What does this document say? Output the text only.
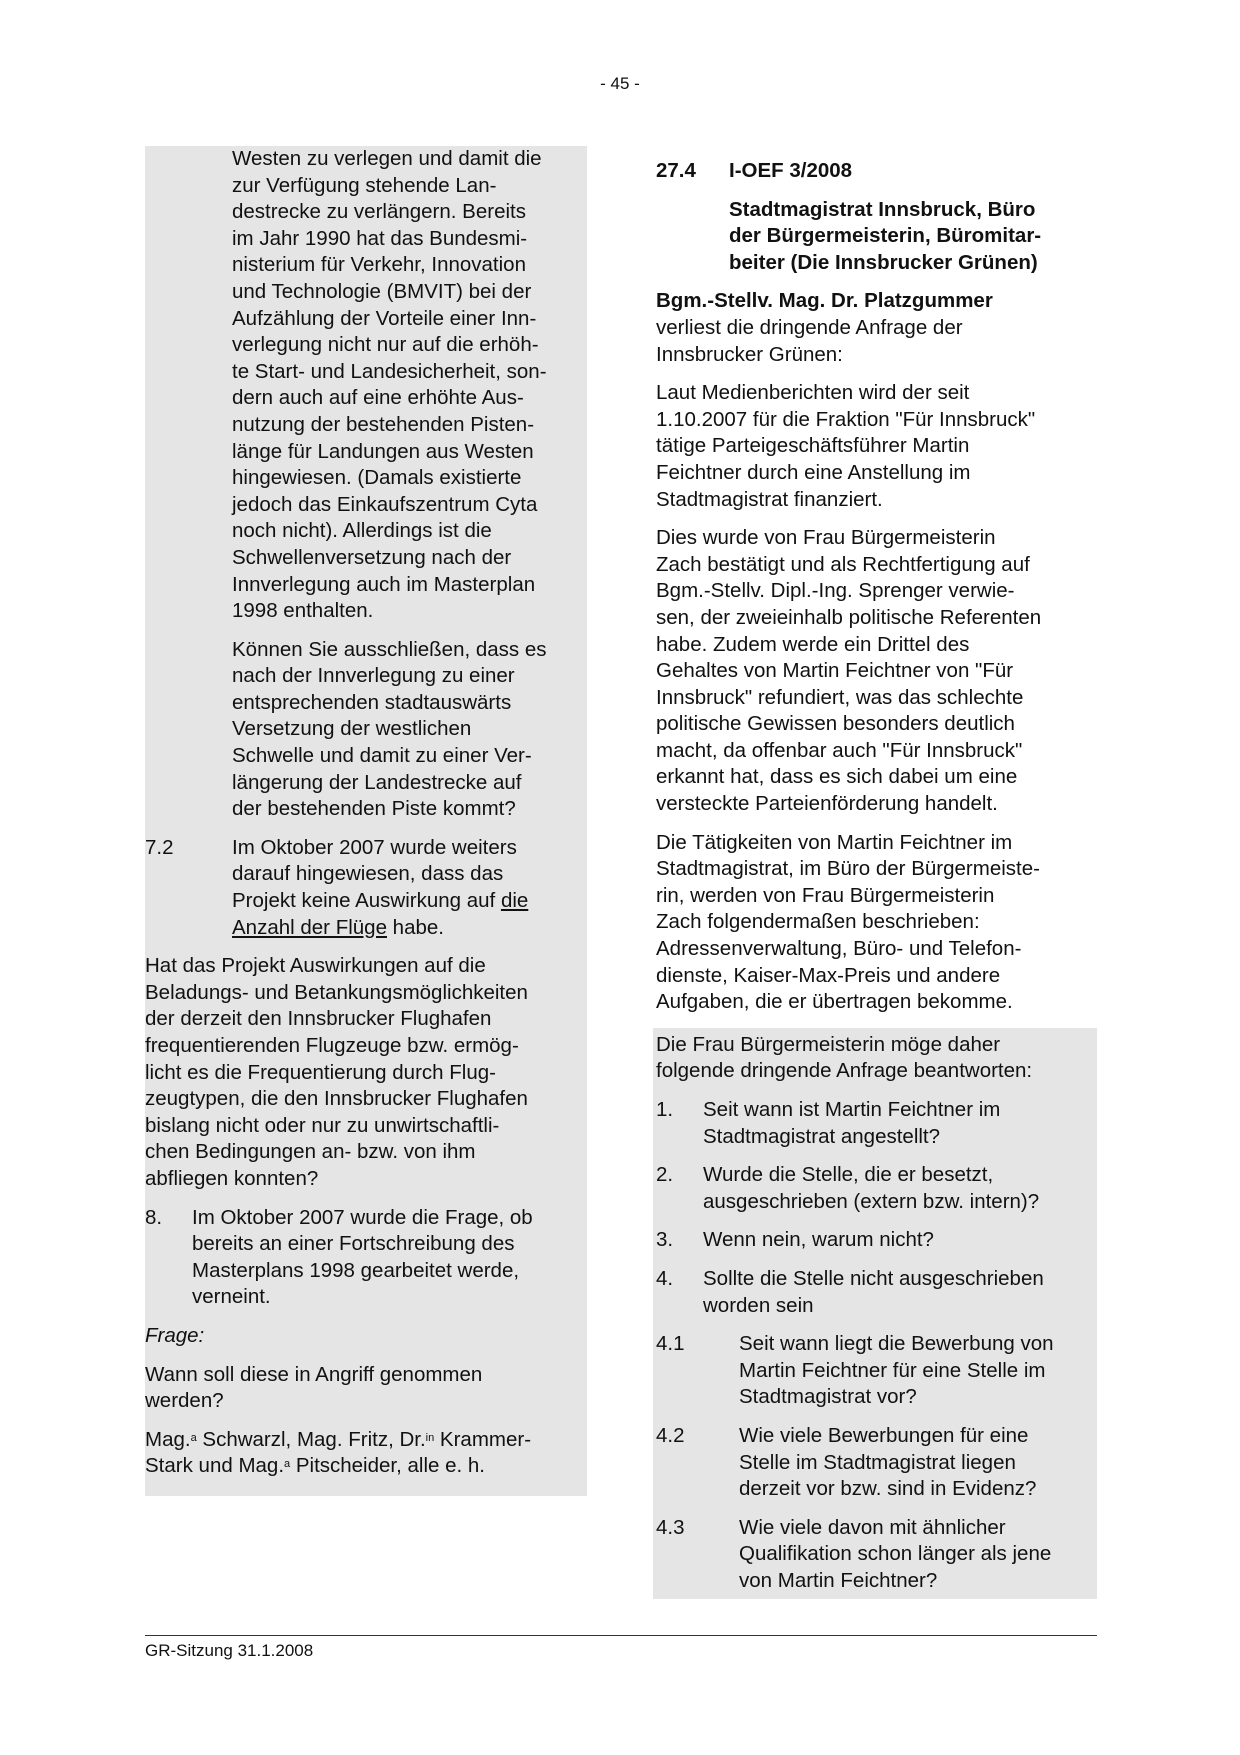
- 45 -
Westen zu verlegen und damit die
zur Verfügung stehende Lan-
destrecke zu verlängern. Bereits
im Jahr 1990 hat das Bundesmi-
nisterium für Verkehr, Innovation
und Technologie (BMVIT) bei der
Aufzählung der Vorteile einer Inn-
verlegung nicht nur auf die erhöh-
te Start- und Landesicherheit, son-
dern auch auf eine erhöhte Aus-
nutzung der bestehenden Pisten-
länge für Landungen aus Westen
hingewiesen. (Damals existierte
jedoch das Einkaufszentrum Cyta
noch nicht). Allerdings ist die
Schwellenversetzung nach der
Innverlegung auch im Masterplan
1998 enthalten.
Können Sie ausschließen, dass es
nach der Innverlegung zu einer
entsprechenden stadtauswärts
Versetzung der westlichen
Schwelle und damit zu einer Ver-
längerung der Landestrecke auf
der bestehenden Piste kommt?
7.2	Im Oktober 2007 wurde weiters
darauf hingewiesen, dass das
Projekt keine Auswirkung auf die
Anzahl der Flüge habe.
Hat das Projekt Auswirkungen auf die
Beladungs- und Betankungsmöglichkeiten
der derzeit den Innsbrucker Flughafen
frequentierenden Flugzeuge bzw. ermög-
licht es die Frequentierung durch Flug-
zeugtypen, die den Innsbrucker Flughafen
bislang nicht oder nur zu unwirtschaftli-
chen Bedingungen an- bzw. von ihm
abfliegen konnten?
8.	Im Oktober 2007 wurde die Frage, ob
bereits an einer Fortschreibung des
Masterplans 1998 gearbeitet werde,
verneint.
Frage:
Wann soll diese in Angriff genommen
werden?
Mag.$^a$ Schwarzl, Mag. Fritz, Dr.$^{in}$ Krammer-
Stark und Mag.$^a$ Pitscheider, alle e. h.
27.4	I-OEF 3/2008
Stadtmagistrat Innsbruck, Büro
der Bürgermeisterin, Büromitar-
beiter (Die Innsbrucker Grünen)
Bgm.-Stellv. Mag. Dr. Platzgummer
verliest die dringende Anfrage der
Innsbrucker Grünen:
Laut Medienberichten wird der seit
1.10.2007 für die Fraktion "Für Innsbruck"
tätige Parteigeschäftsführer Martin
Feichtner durch eine Anstellung im
Stadtmagistrat finanziert.
Dies wurde von Frau Bürgermeisterin
Zach bestätigt und als Rechtfertigung auf
Bgm.-Stellv. Dipl.-Ing. Sprenger verwie-
sen, der zweieinhalb politische Referenten
habe. Zudem werde ein Drittel des
Gehaltes von Martin Feichtner von "Für
Innsbruck" refundiert, was das schlechte
politische Gewissen besonders deutlich
macht, da offenbar auch "Für Innsbruck"
erkannt hat, dass es sich dabei um eine
versteckte Parteienförderung handelt.
Die Tätigkeiten von Martin Feichtner im
Stadtmagistrat, im Büro der Bürgermeiste-
rin, werden von Frau Bürgermeisterin
Zach folgendermaßen beschrieben:
Adressenverwaltung, Büro- und Telefon-
dienste, Kaiser-Max-Preis und andere
Aufgaben, die er übertragen bekomme.
Die Frau Bürgermeisterin möge daher
folgende dringende Anfrage beantworten:
1.	Seit wann ist Martin Feichtner im
Stadtmagistrat angestellt?
2.	Wurde die Stelle, die er besetzt,
ausgeschrieben (extern bzw. intern)?
3.	Wenn nein, warum nicht?
4.	Sollte die Stelle nicht ausgeschrieben
worden sein
4.1	Seit wann liegt die Bewerbung von
Martin Feichtner für eine Stelle im
Stadtmagistrat vor?
4.2	Wie viele Bewerbungen für eine
Stelle im Stadtmagistrat liegen
derzeit vor bzw. sind in Evidenz?
4.3	Wie viele davon mit ähnlicher
Qualifikation schon länger als jene
von Martin Feichtner?
GR-Sitzung 31.1.2008
